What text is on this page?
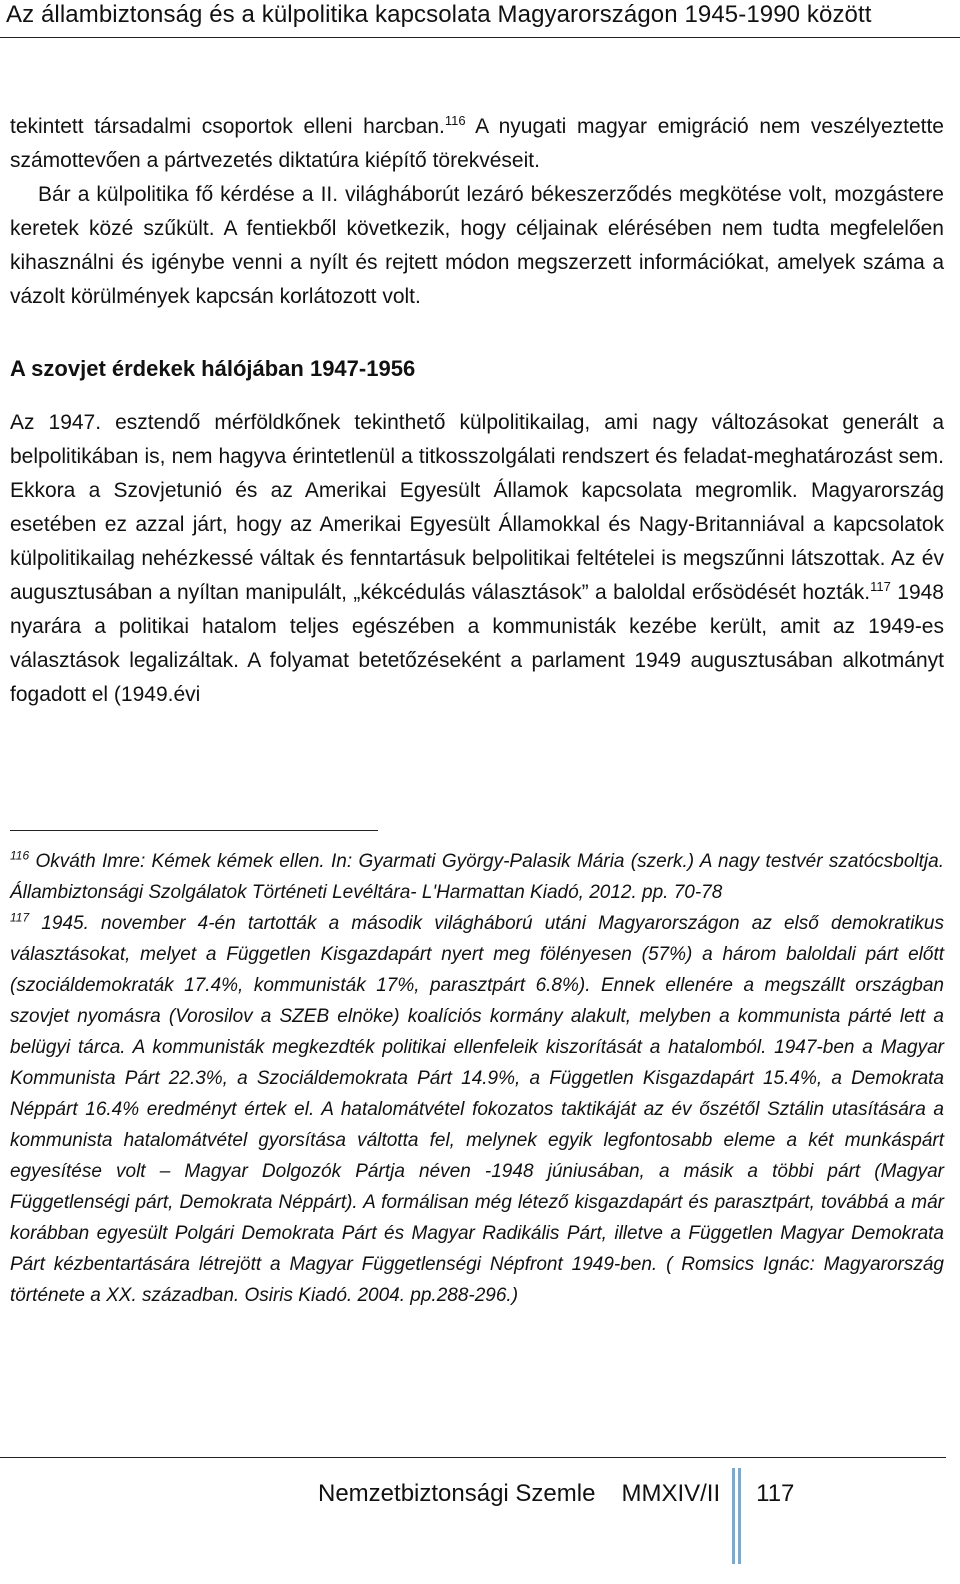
Az állambiztonság és a külpolitika kapcsolata Magyarországon 1945-1990 között

tekintett társadalmi csoportok elleni harcban.$^{116}$ A nyugati magyar emigráció nem veszélyeztette számottevően a pártvezetés diktatúra kiépítő törekvéseit.

Bár a külpolitika fő kérdése a II. világháborút lezáró békeszerződés megkötése volt, mozgástere keretek közé szűkült. A fentiekből következik, hogy céljainak elérésében nem tudta megfelelően kihasználni és igénybe venni a nyílt és rejtett módon megszerzett információkat, amelyek száma a vázolt körülmények kapcsán korlátozott volt.

A szovjet érdekek hálójában 1947-1956

Az 1947. esztendő mérföldkőnek tekinthető külpolitikailag, ami nagy változásokat generált a belpolitikában is, nem hagyva érintetlenül a titkosszolgálati rendszert és feladat-meghatározást sem. Ekkora a Szovjetunió és az Amerikai Egyesült Államok kapcsolata megromlik. Magyarország esetében ez azzal járt, hogy az Amerikai Egyesült Államokkal és Nagy-Britanniával a kapcsolatok külpolitikailag nehézkessé váltak és fenntartásuk belpolitikai feltételei is megszűnni látszottak. Az év augusztusában a nyíltan manipulált, „kékcédulás választások” a baloldal erősödését hozták.$^{117}$ 1948 nyarára a politikai hatalom teljes egészében a kommunisták kezébe került, amit az 1949-es választások legalizáltak. A folyamat betetőzéseként a parlament 1949 augusztusában alkotmányt fogadott el (1949.évi

$^{116}$ Okváth Imre: Kémek kémek ellen. In: Gyarmati György-Palasik Mária (szerk.) A nagy testvér szatócsboltja. Állambiztonsági Szolgálatok Történeti Levéltára- L'Harmattan Kiadó, 2012. pp. 70-78

$^{117}$ 1945. november 4-én tartották a második világháború utáni Magyarországon az első demokratikus választásokat, melyet a Független Kisgazdapárt nyert meg fölényesen (57%) a három baloldali párt előtt (szociáldemokraták 17.4%, kommunisták 17%, parasztpárt 6.8%). Ennek ellenére a megszállt országban szovjet nyomásra (Vorosilov a SZEB elnöke) koalíciós kormány alakult, melyben a kommunista párté lett a belügyi tárca. A kommunisták megkezdték politikai ellenfeleik kiszorítását a hatalomból. 1947-ben a Magyar Kommunista Párt 22.3%, a Szociáldemokrata Párt 14.9%, a Független Kisgazdapárt 15.4%, a Demokrata Néppárt 16.4% eredményt értek el. A hatalomátvétel fokozatos taktikáját az év őszétől Sztálin utasítására a kommunista hatalomátvétel gyorsítása váltotta fel, melynek egyik legfontosabb eleme a két munkáspárt egyesítése volt – Magyar Dolgozók Pártja néven -1948 júniusában, a másik a többi párt (Magyar Függetlenségi párt, Demokrata Néppárt). A formálisan még létező kisgazdapárt és parasztpárt, továbbá a már korábban egyesült Polgári Demokrata Párt és Magyar Radikális Párt, illetve a Független Magyar Demokrata Párt kézbentartására létrejött a Magyar Függetlenségi Népfront 1949-ben. ( Romsics Ignác: Magyarország története a XX. században. Osiris Kiadó. 2004. pp.288-296.)

Nemzetbiztonsági Szemle MMXIV/II 117
